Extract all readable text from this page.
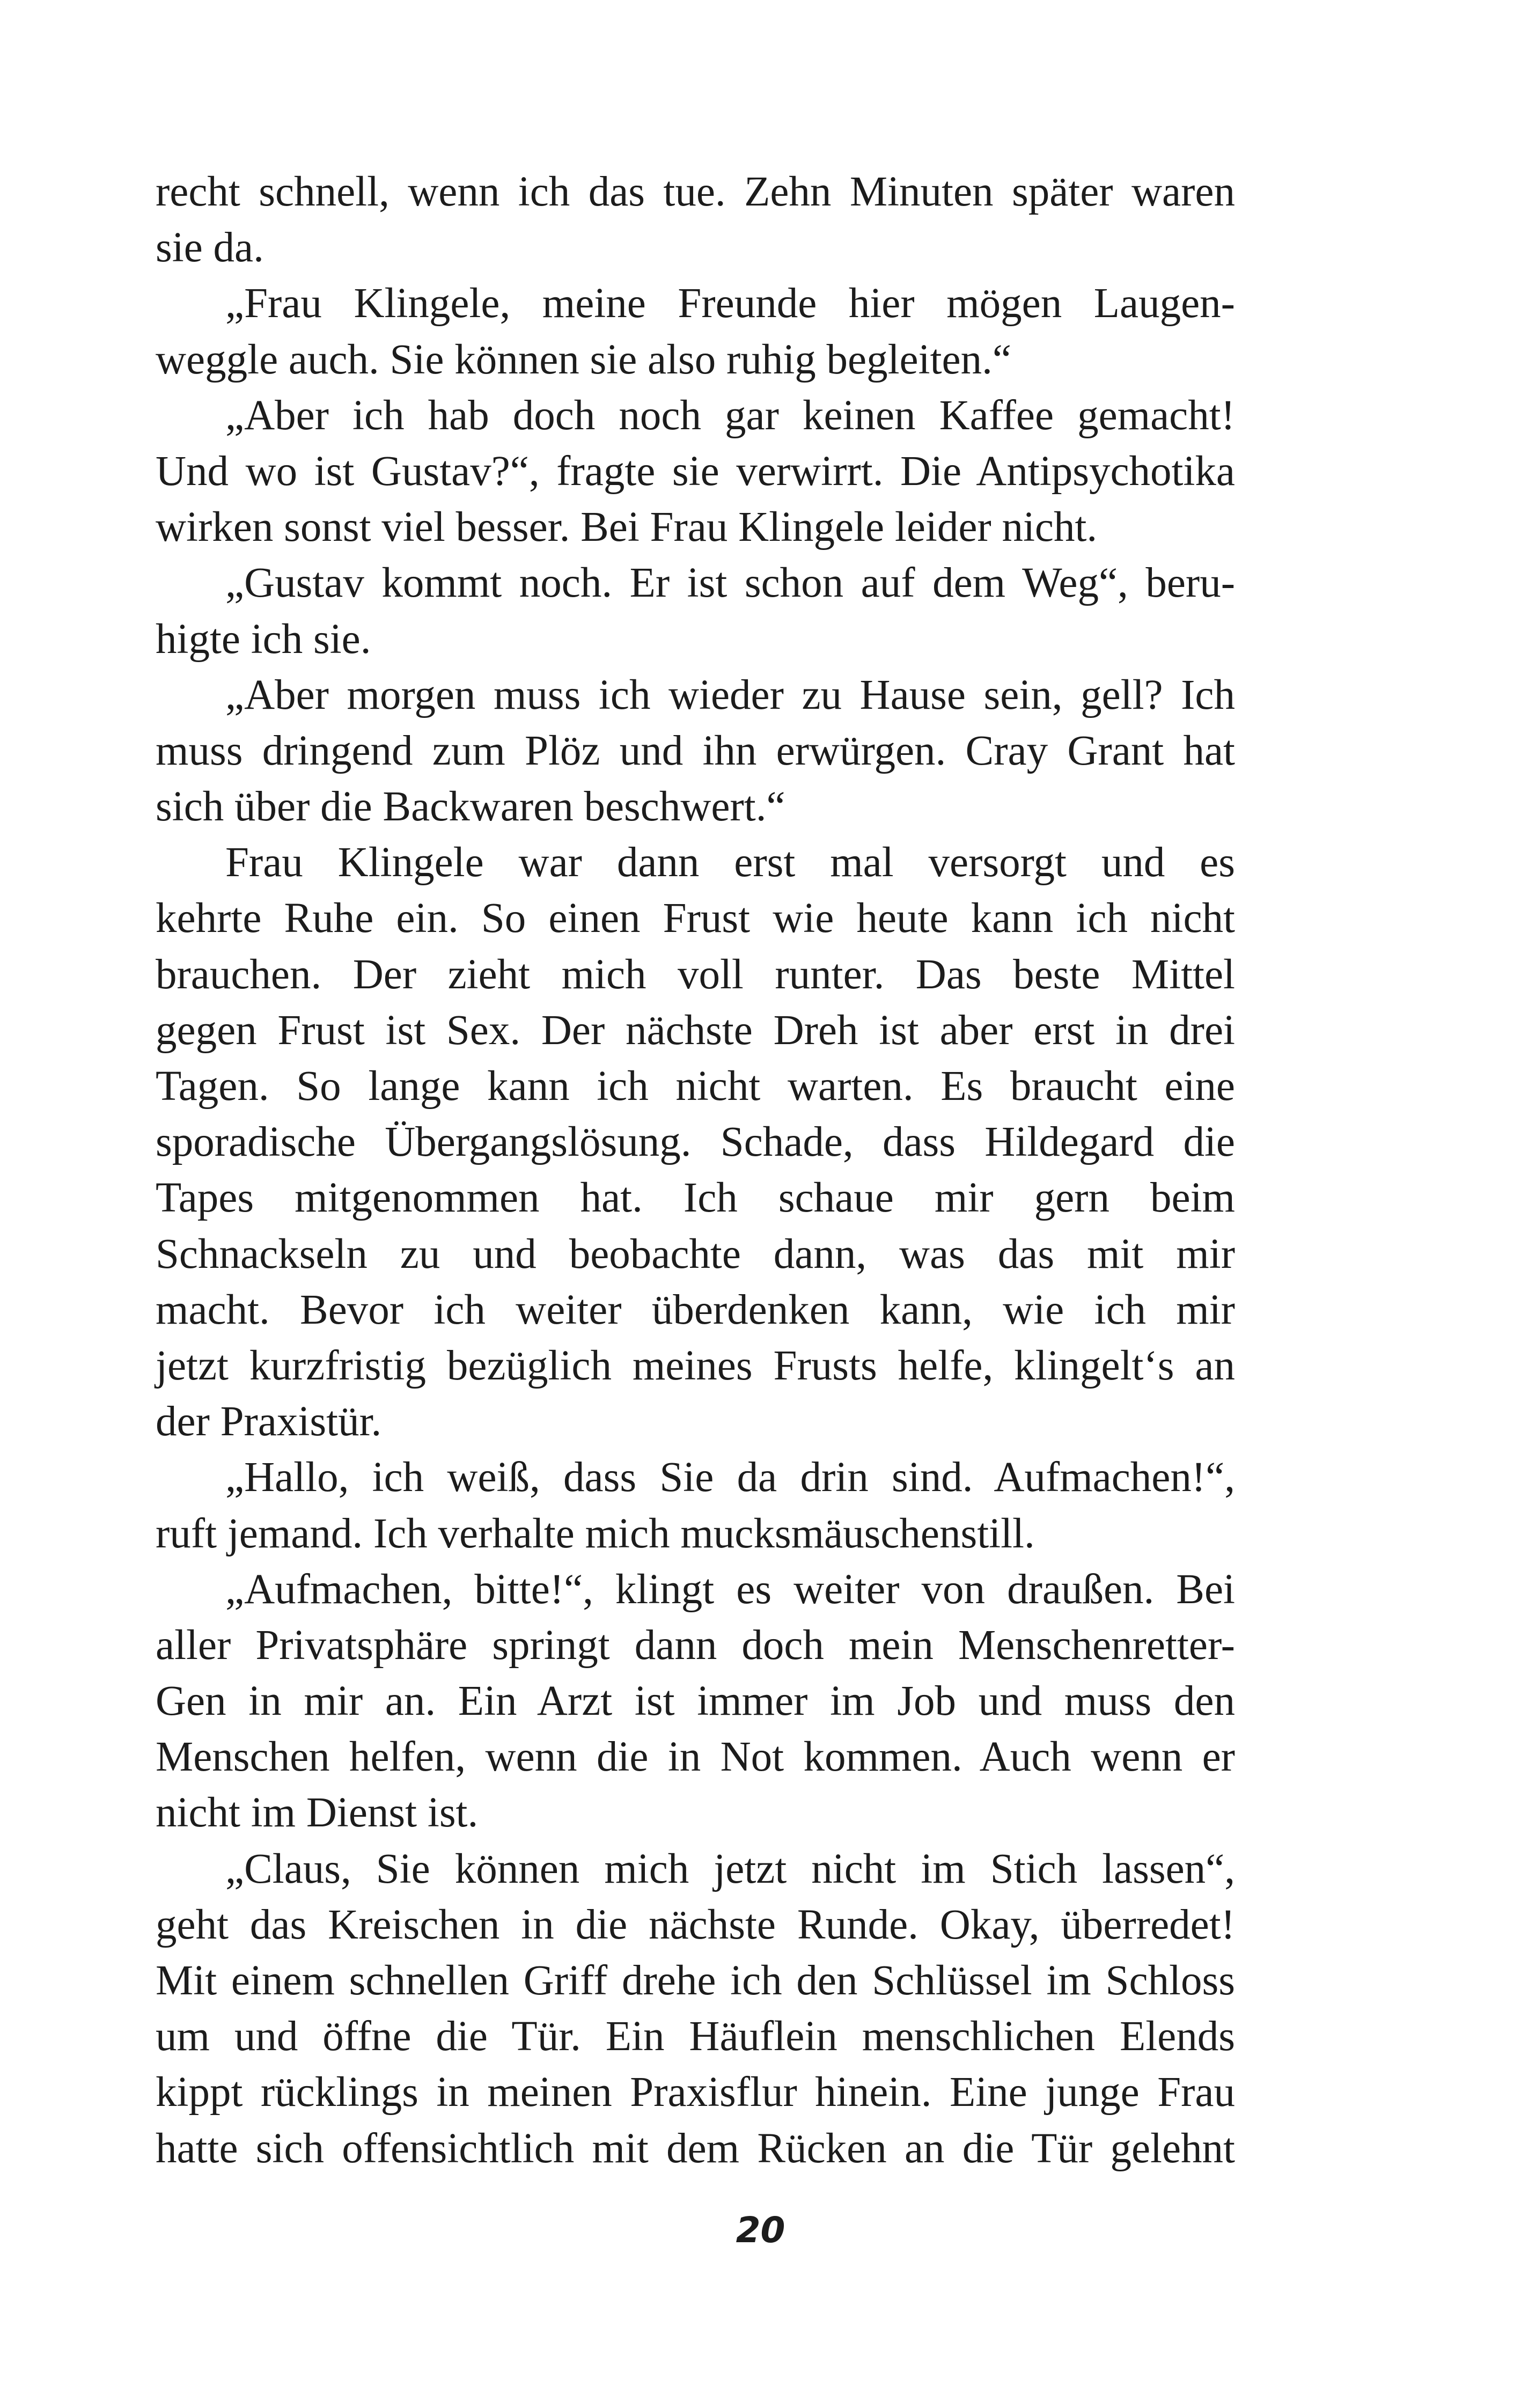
recht schnell, wenn ich das tue. Zehn Minuten später waren
sie da.
„Frau Klingele, meine Freunde hier mögen Laugen-
weggle auch. Sie können sie also ruhig begleiten.“
„Aber ich hab doch noch gar keinen Kaffee gemacht!
Und wo ist Gustav?“, fragte sie verwirrt. Die Antipsychotika
wirken sonst viel besser. Bei Frau Klingele leider nicht.
„Gustav kommt noch. Er ist schon auf dem Weg“, beru-
higte ich sie.
„Aber morgen muss ich wieder zu Hause sein, gell? Ich
muss dringend zum Plöz und ihn erwürgen. Cray Grant hat
sich über die Backwaren beschwert.“
Frau Klingele war dann erst mal versorgt und es
kehrte Ruhe ein. So einen Frust wie heute kann ich nicht
brauchen. Der zieht mich voll runter. Das beste Mittel
gegen Frust ist Sex. Der nächste Dreh ist aber erst in drei
Tagen. So lange kann ich nicht warten. Es braucht eine
sporadische Übergangslösung. Schade, dass Hildegard die
Tapes mitgenommen hat. Ich schaue mir gern beim
Schnackseln zu und beobachte dann, was das mit mir
macht. Bevor ich weiter überdenken kann, wie ich mir
jetzt kurzfristig bezüglich meines Frusts helfe, klingelt‘s an
der Praxistür.
„Hallo, ich weiß, dass Sie da drin sind. Aufmachen!“,
ruft jemand. Ich verhalte mich mucksmäuschenstill.
„Aufmachen, bitte!“, klingt es weiter von draußen. Bei
aller Privatsphäre springt dann doch mein Menschenretter-
Gen in mir an. Ein Arzt ist immer im Job und muss den
Menschen helfen, wenn die in Not kommen. Auch wenn er
nicht im Dienst ist.
„Claus, Sie können mich jetzt nicht im Stich lassen“,
geht das Kreischen in die nächste Runde. Okay, überredet!
Mit einem schnellen Griff drehe ich den Schlüssel im Schloss
um und öffne die Tür. Ein Häuflein menschlichen Elends
kippt rücklings in meinen Praxisflur hinein. Eine junge Frau
hatte sich offensichtlich mit dem Rücken an die Tür gelehnt
20
